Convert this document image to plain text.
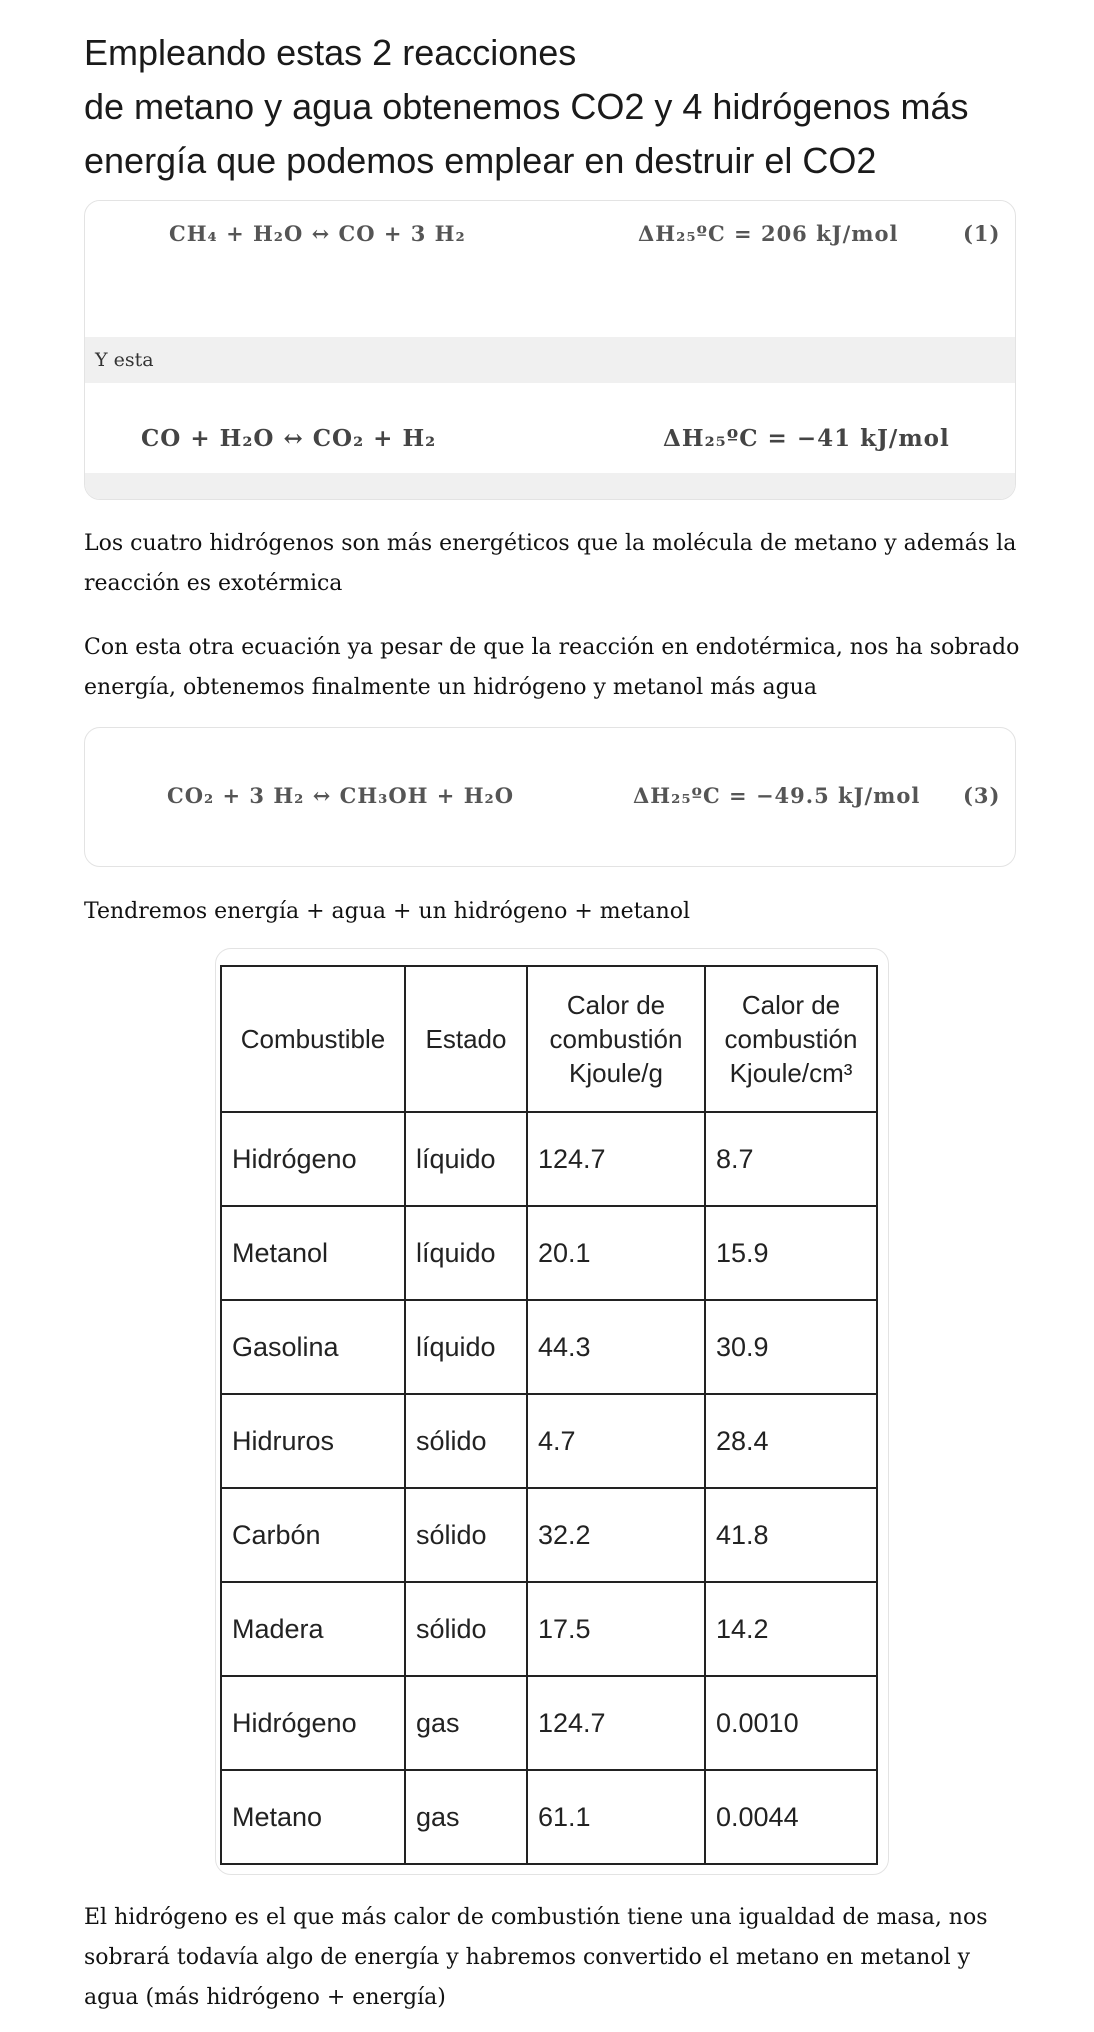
Empleando estas 2 reacciones
de metano y agua obtenemos CO2 y 4 hidrógenos más
energía que podemos emplear en destruir el CO2
CH₄ + H₂O ↔ CO + 3 H₂	ΔH₂₅ºC = 206 kJ/mol	(1)
Y esta
CO + H₂O ↔ CO₂ + H₂	ΔH₂₅ºC = −41 kJ/mol

Los cuatro hidrógenos son más energéticos que la molécula de metano y además la reacción es exotérmica

Con esta otra ecuación ya pesar de que la reacción en endotérmica, nos ha sobrado energía, obtenemos finalmente un hidrógeno y metanol más agua

CO₂ + 3 H₂ ↔ CH₃OH + H₂O	ΔH₂₅ºC = −49.5 kJ/mol (3)

Tendremos energía + agua + un hidrógeno + metanol

Combustible	Estado	Calor de combustión Kjoule/g	Calor de combustión Kjoule/cm³
Hidrógeno	líquido	124.7	8.7
Metanol	líquido	20.1	15.9
Gasolina	líquido	44.3	30.9
Hidruros	sólido	4.7	28.4
Carbón	sólido	32.2	41.8
Madera	sólido	17.5	14.2
Hidrógeno	gas	124.7	0.0010
Metano	gas	61.1	0.0044

El hidrógeno es el que más calor de combustión tiene una igualdad de masa, nos sobrará todavía algo de energía y habremos convertido el metano en metanol y agua (más hidrógeno + energía)
